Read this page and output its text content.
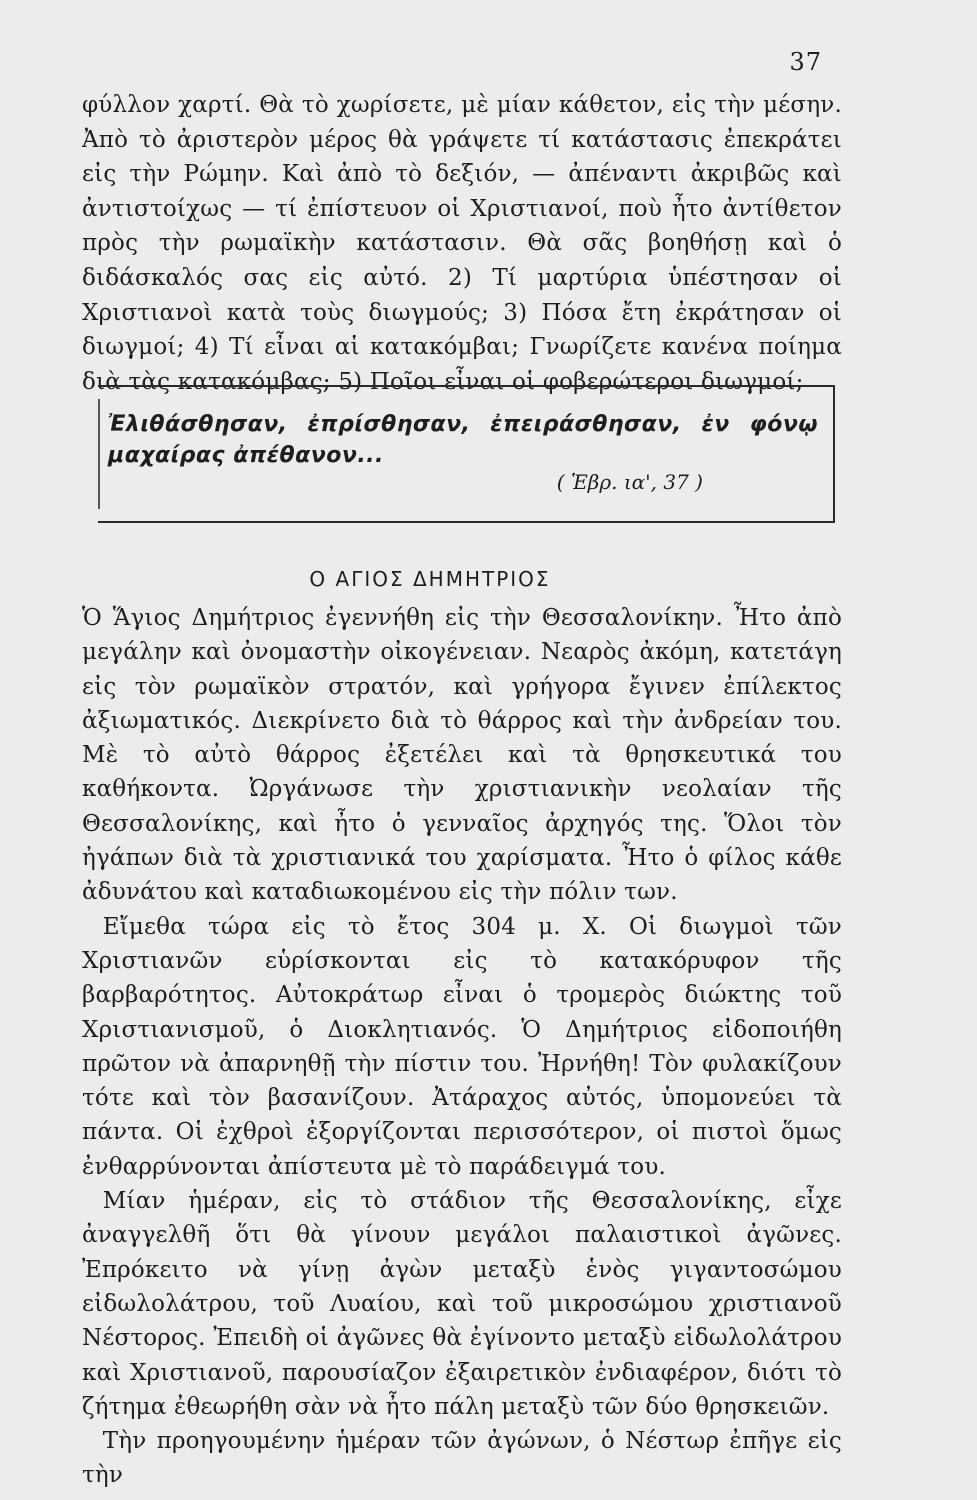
37

φύλλον χαρτί. Θὰ τὸ χωρίσετε, μὲ μίαν κάθετον, εἰς τὴν μέσην. Ἀπὸ τὸ ἀριστερὸν μέρος θὰ γράψετε τί κατάστασις ἐπεκράτει εἰς τὴν Ρώμην. Καὶ ἀπὸ τὸ δεξιόν, — ἀπέναντι ἀκριβῶς καὶ ἀντιστοίχως — τί ἐπίστευον οἱ Χριστιανοί, ποὺ ἦτο ἀντίθετον πρὸς τὴν ρωμαϊκὴν κατάστασιν. Θὰ σᾶς βοηθήσῃ καὶ ὁ διδάσκαλός σας εἰς αὐτό. 2) Τί μαρτύρια ὑπέστησαν οἱ Χριστιανοὶ κατὰ τοὺς διωγμούς; 3) Πόσα ἔτη ἐκράτησαν οἱ διωγμοί; 4) Τί εἶναι αἱ κατακόμβαι; Γνωρίζετε κανένα ποίημα διὰ τὰς κατακόμβας; 5) Ποῖοι εἶναι οἱ φοβερώτεροι διωγμοί;

Ἐλιθάσθησαν, ἐπρίσθησαν, ἐπειράσθησαν, ἐν φόνῳ μαχαίρας ἀπέθανον...
( Ἑβρ. ια', 37 )
Ο ΑΓΙΟΣ ΔΗΜΗΤΡΙΟΣ

Ὁ Ἅγιος Δημήτριος ἐγεννήθη εἰς τὴν Θεσσαλονίκην. Ἦτο ἀπὸ μεγάλην καὶ ὀνομαστὴν οἰκογένειαν. Νεαρὸς ἀκόμη, κατετάγη εἰς τὸν ρωμαϊκὸν στρατόν, καὶ γρήγορα ἔγινεν ἐπίλεκτος ἀξιωματικός. Διεκρίνετο διὰ τὸ θάρρος καὶ τὴν ἀνδρείαν του. Μὲ τὸ αὐτὸ θάρρος ἐξετέλει καὶ τὰ θρησκευτικά του καθήκοντα. Ὠργάνωσε τὴν χριστιανικὴν νεολαίαν τῆς Θεσσαλονίκης, καὶ ἦτο ὁ γενναῖος ἀρχηγός της. Ὅλοι τὸν ἠγάπων διὰ τὰ χριστιανικά του χαρίσματα. Ἦτο ὁ φίλος κάθε ἀδυνάτου καὶ καταδιωκομένου εἰς τὴν πόλιν των.

Εἴμεθα τώρα εἰς τὸ ἔτος 304 μ. Χ. Οἱ διωγμοὶ τῶν Χριστιανῶν εὑρίσκονται εἰς τὸ κατακόρυφον τῆς βαρβαρότητος. Αὐτοκράτωρ εἶναι ὁ τρομερὸς διώκτης τοῦ Χριστιανισμοῦ, ὁ Διοκλητιανός. Ὁ Δημήτριος εἰδοποιήθη πρῶτον νὰ ἀπαρνηθῇ τὴν πίστιν του. Ἠρνήθη! Τὸν φυλακίζουν τότε καὶ τὸν βασανίζουν. Ἀτάραχος αὐτός, ὑπομονεύει τὰ πάντα. Οἱ ἐχθροὶ ἐξοργίζονται περισσότερον, οἱ πιστοὶ ὅμως ἐνθαρρύνονται ἀπίστευτα μὲ τὸ παράδειγμά του.

Μίαν ἡμέραν, εἰς τὸ στάδιον τῆς Θεσσαλονίκης, εἶχε ἀναγγελθῆ ὅτι θὰ γίνουν μεγάλοι παλαιστικοὶ ἀγῶνες. Ἐπρόκειτο νὰ γίνῃ ἀγὼν μεταξὺ ἑνὸς γιγαντοσώμου εἰδωλολάτρου, τοῦ Λυαίου, καὶ τοῦ μικροσώμου χριστιανοῦ Νέστορος. Ἐπειδὴ οἱ ἀγῶνες θὰ ἐγίνοντο μεταξὺ εἰδωλολάτρου καὶ Χριστιανοῦ, παρουσίαζον ἐξαιρετικὸν ἐνδιαφέρον, διότι τὸ ζήτημα ἐθεωρήθη σὰν νὰ ἦτο πάλη μεταξὺ τῶν δύο θρησκειῶν.

Τὴν προηγουμένην ἡμέραν τῶν ἀγώνων, ὁ Νέστωρ ἐπῆγε εἰς τὴν
